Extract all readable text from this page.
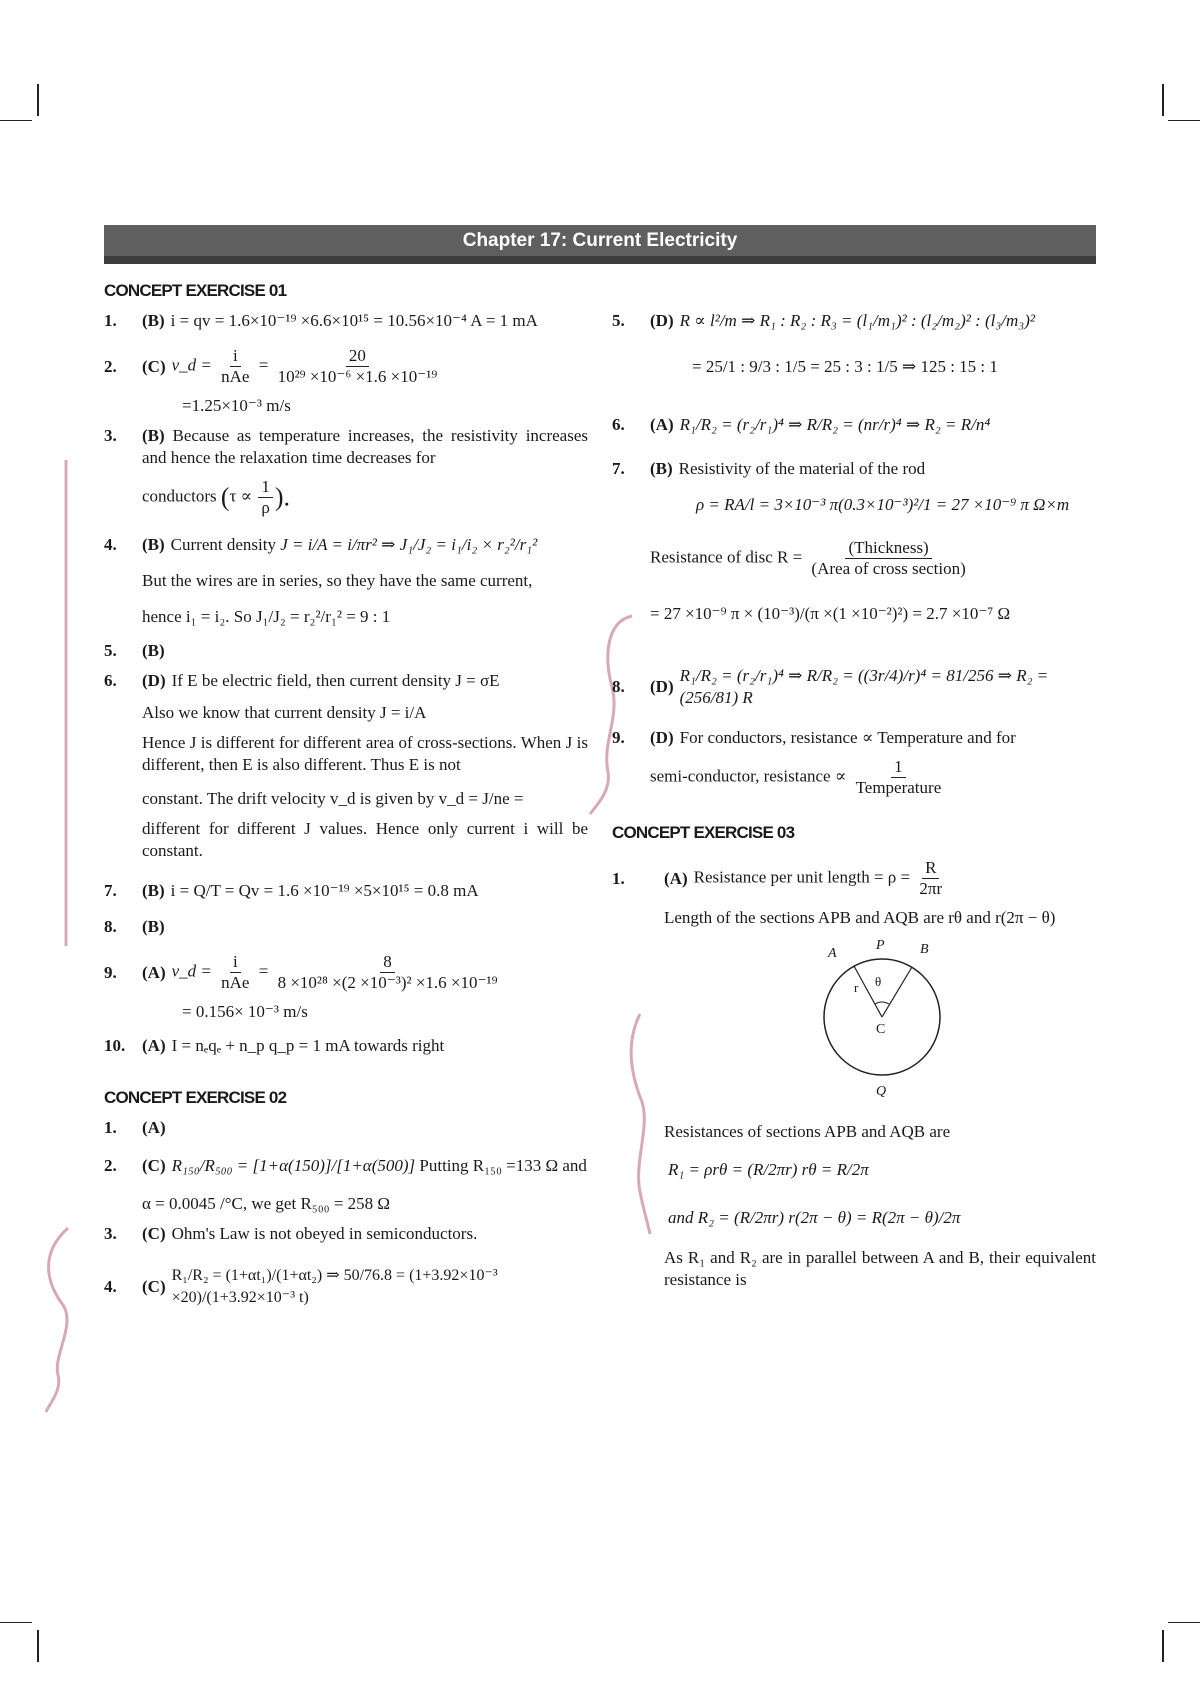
Chapter 17: Current Electricity
CONCEPT EXERCISE 01
1.	(B) i = qv = 1.6×10⁻¹⁹ ×6.6×10¹⁵ = 10.56×10⁻⁴ A = 1 mA
2.	(C) v_d = i
nAe
= $\frac{20}{\text{10²⁹ ×10⁻⁶ ×1.6 ×10⁻¹⁹}}$
=1.25×10⁻³ m/s
3.	(B) Because as temperature increases, the resistivity increases and hence the relaxation time decreases for
conductors ($\tau \propto \frac{1}{\rho}$ ).
4.	(B) Current density J = i/A = i/πr² ⇒ J₁/J₂ = i₁/i₂ × r₂²/r₁²
But the wires are in series, so they have the same current,
hence i₁ = i₂. So J₁/J₂ = r₂²/r₁² = 9 : 1
5.	(B)
6.	(D) If E be electric field, then current density J = σE
Also we know that current density J = i/A
Hence J is different for different area of cross-sections. When J is different, then E is also different. Thus E is not
constant. The drift velocity v_d is given by v_d = J/ne =
different for different J values. Hence only current i will be constant.
7.	(B) i = Q/T = Qv = 1.6 ×10⁻¹⁹ ×5×10¹⁵ = 0.8 mA
8.	(B)
9.	(A) v_d = i
nAe
= $\frac{8}{\text{8 ×10²⁸ ×(2 ×10⁻³)² ×1.6 ×10⁻¹⁹}}$
= 0.156× 10⁻³ m/s
10. (A) I = nₑqₑ + n_p q_p = 1 mA towards right
CONCEPT EXERCISE 02
1.	(A)
2.	(C) R₁₅₀/R₅₀₀ = [1+α(150)]/[1+α(500)] Putting R₁₅₀ =133 Ω and
α = 0.0045 /°C, we get R₅₀₀ = 258 Ω
3.	(C) Ohm's Law is not obeyed in semiconductors.
4.	(C)
R₁/R₂ = (1+αt₁)/(1+αt₂) ⇒ 50/76.8 = (1+3.92×10⁻³ ×20)/(1+3.92×10⁻³ t)
5.	(D) R ∝ l²/m ⇒ R₁ : R₂ : R₃ = (l₁/m₁)² : (l₂/m₂)² : (l₃/m₃)²
= 25/1 : 9/3 : 1/5 = 25 : 3 : 1/5 ⇒ 125 : 15 : 1
6.	(A) R₁/R₂ = (r₂/r₁)⁴ ⇒ R/R₂ = (nr/r)⁴ ⇒ R₂ = R/n⁴
7.	(B) Resistivity of the material of the rod
ρ = RA/l = 3×10⁻³ π(0.3×10⁻³)²/1 = 27 ×10⁻⁹ π Ω×m
Resistance of disc R =	(Thickness)
(Area of cross section)
= 27 ×10⁻⁹ π × (10⁻³)/(π ×(1 ×10⁻²)²) = 2.7 ×10⁻⁷ Ω
8.	(D)
R₁/R₂ = (r₂/r₁)⁴ ⇒ R/R₂ = ((3r/4)/r)⁴ = 81/256 ⇒ R₂ = (256/81) R
9.	(D) For conductors, resistance ∝ Temperature and for
semi-conductor, resistance ∝	1
Temperature
CONCEPT EXERCISE 03
1.	(A) Resistance per unit length = $\rho = \frac{R}{2\pi r}$
Length of the sections APB and AQB are rθ and r(2π − θ)
A
P	B
r θ
C
Q
Resistances of sections APB and AQB are
R₁ = ρrθ = (R/2πr) rθ = R/2π
and R₂ = (R/2πr) r(2π − θ) = R(2π − θ)/2π
As R₁ and R₂ are in parallel between A and B, their equivalent resistance is
